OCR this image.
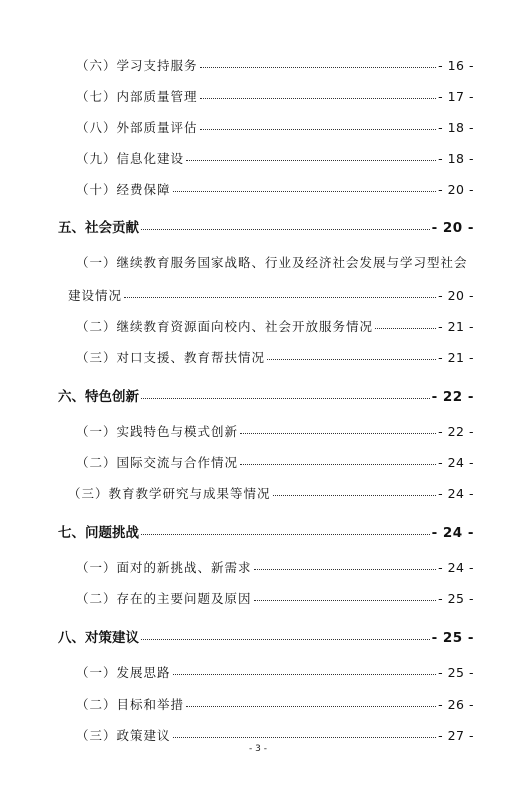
（六）学习支持服务	- 16 -
（七）内部质量管理	- 17 -
（八）外部质量评估	- 18 -
（九）信息化建设	- 18 -
（十）经费保障	- 20 -
五、社会贡献	- 20 -
（一）继续教育服务国家战略、行业及经济社会发展与学习型社会
建设情况	- 20 -
（二）继续教育资源面向校内、社会开放服务情况	- 21 -
（三）对口支援、教育帮扶情况	- 21 -
六、特色创新	- 22 -
（一）实践特色与模式创新	- 22 -
（二）国际交流与合作情况	- 24 -
（三）教育教学研究与成果等情况	- 24 -
七、问题挑战	- 24 -
（一）面对的新挑战、新需求	- 24 -
（二）存在的主要问题及原因	- 25 -
八、对策建议	- 25 -
（一）发展思路	- 25 -
（二）目标和举措	- 26 -
（三）政策建议	- 27 -
- 3 -
